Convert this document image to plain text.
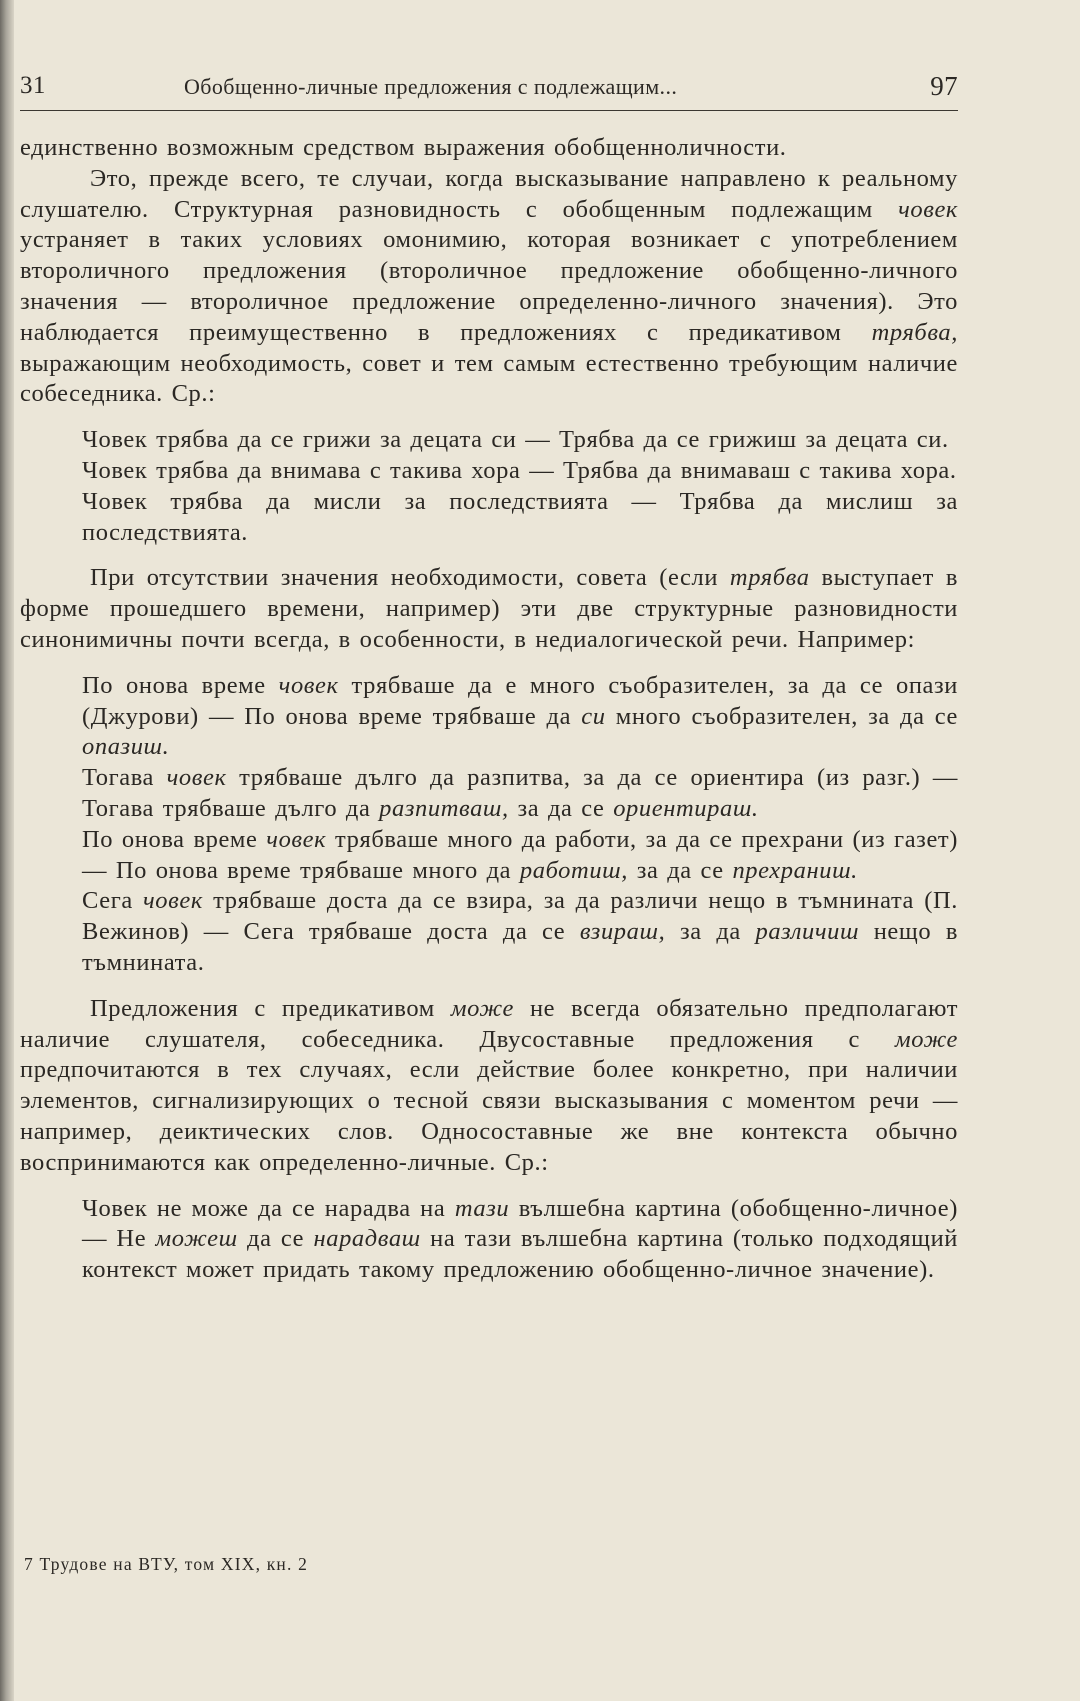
31	Обобщенно-личные предложения с подлежащим...	97

единственно возможным средством выражения обобщенноличности.

Это, прежде всего, те случаи, когда высказывание направлено к реальному слушателю. Структурная разновидность с обобщенным подлежащим човек устраняет в таких условиях омонимию, которая возникает с употреблением второличного предложения (второличное предложение обобщенно-личного значения — второличное предложение определенно-личного значения). Это наблюдается преимущественно в предложениях с предикативом трябва, выражающим необходимость, совет и тем самым естественно требующим наличие собеседника. Ср.:

Човек трябва да се грижи за децата си — Трябва да се грижиш за децата си.
Човек трябва да внимава с такива хора — Трябва да внимаваш с такива хора.
Човек трябва да мисли за последствията — Трябва да мислиш за последствията.

При отсутствии значения необходимости, совета (если трябва выступает в форме прошедшего времени, например) эти две структурные разновидности синонимичны почти всегда, в особенности, в недиалогической речи. Например:

По онова време човек трябваше да е много съобразителен, за да се опази (Джурови) — По онова време трябваше да си много съобразителен, за да се опазиш.
Тогава човек трябваше дълго да разпитва, за да се ориентира (из разг.) — Тогава трябваше дълго да разпитваш, за да се ориентираш.
По онова време човек трябваше много да работи, за да се прехрани (из газет) — По онова време трябваше много да работиш, за да се прехраниш.
Сега човек трябваше доста да се взира, за да различи нещо в тъмнината (П. Вежинов) — Сега трябваше доста да се взираш, за да различиш нещо в тъмнината.

Предложения с предикативом може не всегда обязательно предполагают наличие слушателя, собеседника. Двусоставные предложения с може предпочитаются в тех случаях, если действие более конкретно, при наличии элементов, сигнализирующих о тесной связи высказывания с моментом речи — например, деиктических слов. Односоставные же вне контекста обычно воспринимаются как определенно-личные. Ср.:

Човек не може да се нарадва на тази вълшебна картина (обобщенно-личное) — Не можеш да се нарадваш на тази вълшебна картина (только подходящий контекст может придать такому предложению обобщенно-личное значение).
7 Трудове на ВТУ, том XIX, кн. 2
